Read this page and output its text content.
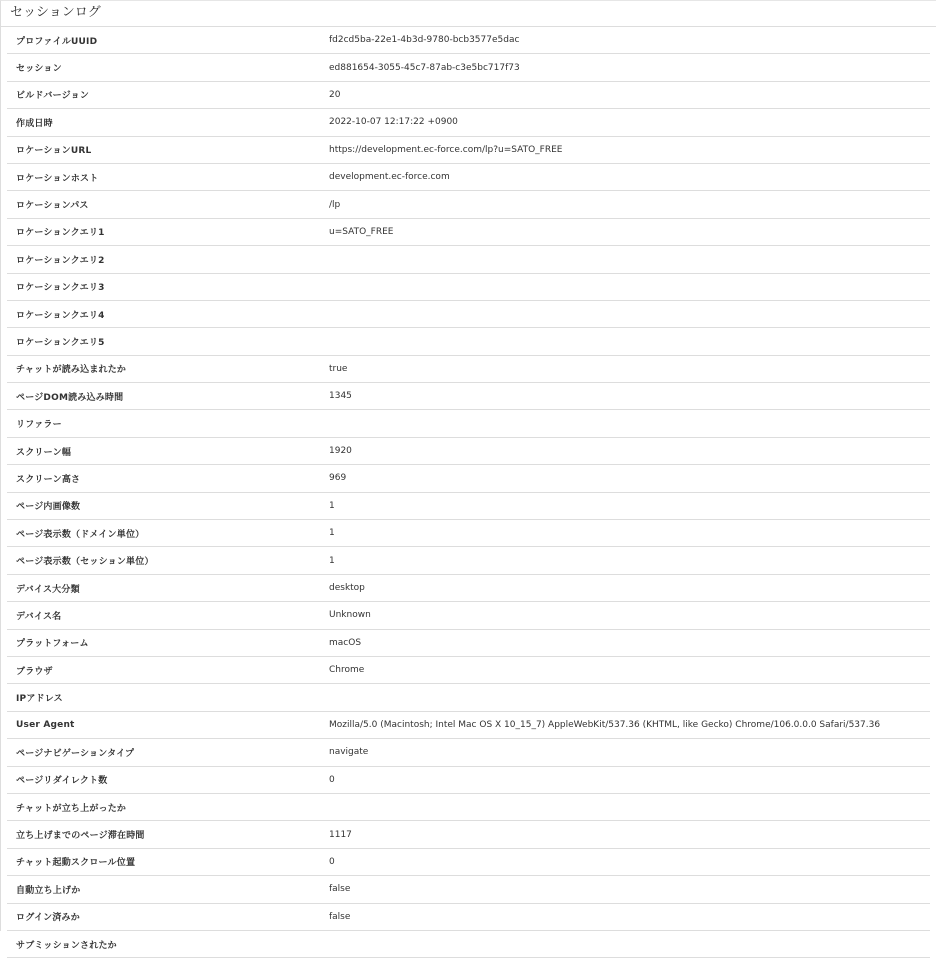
セッションログ
プロファイルUUID	fd2cd5ba-22e1-4b3d-9780-bcb3577e5dac
セッション	ed881654-3055-45c7-87ab-c3e5bc717f73
ビルドバージョン	20
作成日時	2022-10-07 12:17:22 +0900
ロケーションURL	https://development.ec-force.com/lp?u=SATO_FREE
ロケーションホスト	development.ec-force.com
ロケーションパス	/lp
ロケーションクエリ1	u=SATO_FREE
ロケーションクエリ2	
ロケーションクエリ3	
ロケーションクエリ4	
ロケーションクエリ5	
チャットが読み込まれたか	true
ページDOM読み込み時間	1345
リファラー	
スクリーン幅	1920
スクリーン高さ	969
ページ内画像数	1
ページ表示数（ドメイン単位）	1
ページ表示数（セッション単位）	1
デバイス大分類	desktop
デバイス名	Unknown
プラットフォーム	macOS
ブラウザ	Chrome
IPアドレス	
User Agent	Mozilla/5.0 (Macintosh; Intel Mac OS X 10_15_7) AppleWebKit/537.36 (KHTML, like Gecko) Chrome/106.0.0.0 Safari/537.36
ページナビゲーションタイプ	navigate
ページリダイレクト数	0
チャットが立ち上がったか	
立ち上げまでのページ滞在時間	1117
チャット起動スクロール位置	0
自動立ち上げか	false
ログイン済みか	false
サブミッションされたか	
